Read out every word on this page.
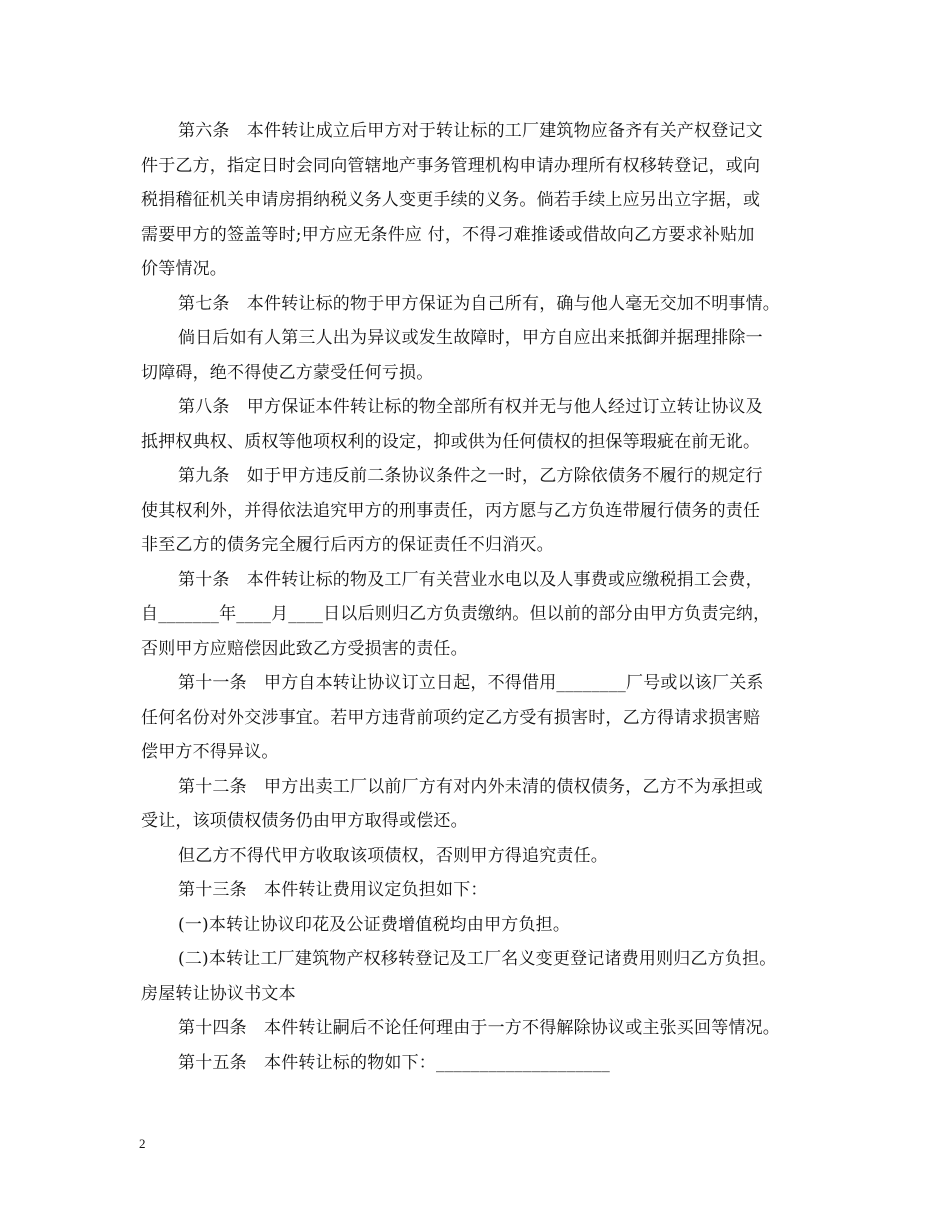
第六条　本件转让成立后甲方对于转让标的工厂建筑物应备齐有关产权登记文
件于乙方，指定日时会同向管辖地产事务管理机构申请办理所有权移转登记，或向
税捐稽征机关申请房捐纳税义务人变更手续的义务。倘若手续上应另出立字据，或
需要甲方的签盖等时;甲方应无条件应 付，不得刁难推诿或借故向乙方要求补贴加
价等情况。
第七条　本件转让标的物于甲方保证为自己所有，确与他人毫无交加不明事情。
倘日后如有人第三人出为异议或发生故障时，甲方自应出来抵御并据理排除一
切障碍，绝不得使乙方蒙受任何亏损。
第八条　甲方保证本件转让标的物全部所有权并无与他人经过订立转让协议及
抵押权典权、质权等他项权利的设定，抑或供为任何债权的担保等瑕疵在前无讹。
第九条　如于甲方违反前二条协议条件之一时，乙方除依债务不履行的规定行
使其权利外，并得依法追究甲方的刑事责任，丙方愿与乙方负连带履行债务的责任
非至乙方的债务完全履行后丙方的保证责任不归消灭。
第十条　本件转让标的物及工厂有关营业水电以及人事费或应缴税捐工会费，
自_______年____月____日以后则归乙方负责缴纳。但以前的部分由甲方负责完纳，
否则甲方应赔偿因此致乙方受损害的责任。
第十一条　甲方自本转让协议订立日起，不得借用________厂号或以该厂关系
任何名份对外交涉事宜。若甲方违背前项约定乙方受有损害时，乙方得请求损害赔
偿甲方不得异议。
第十二条　甲方出卖工厂以前厂方有对内外未清的债权债务，乙方不为承担或
受让，该项债权债务仍由甲方取得或偿还。
但乙方不得代甲方收取该项债权，否则甲方得追究责任。
第十三条　本件转让费用议定负担如下：
(一)本转让协议印花及公证费增值税均由甲方负担。
(二)本转让工厂建筑物产权移转登记及工厂名义变更登记诸费用则归乙方负担。
房屋转让协议书文本
第十四条　本件转让嗣后不论任何理由于一方不得解除协议或主张买回等情况。
第十五条　本件转让标的物如下：____________________
2
